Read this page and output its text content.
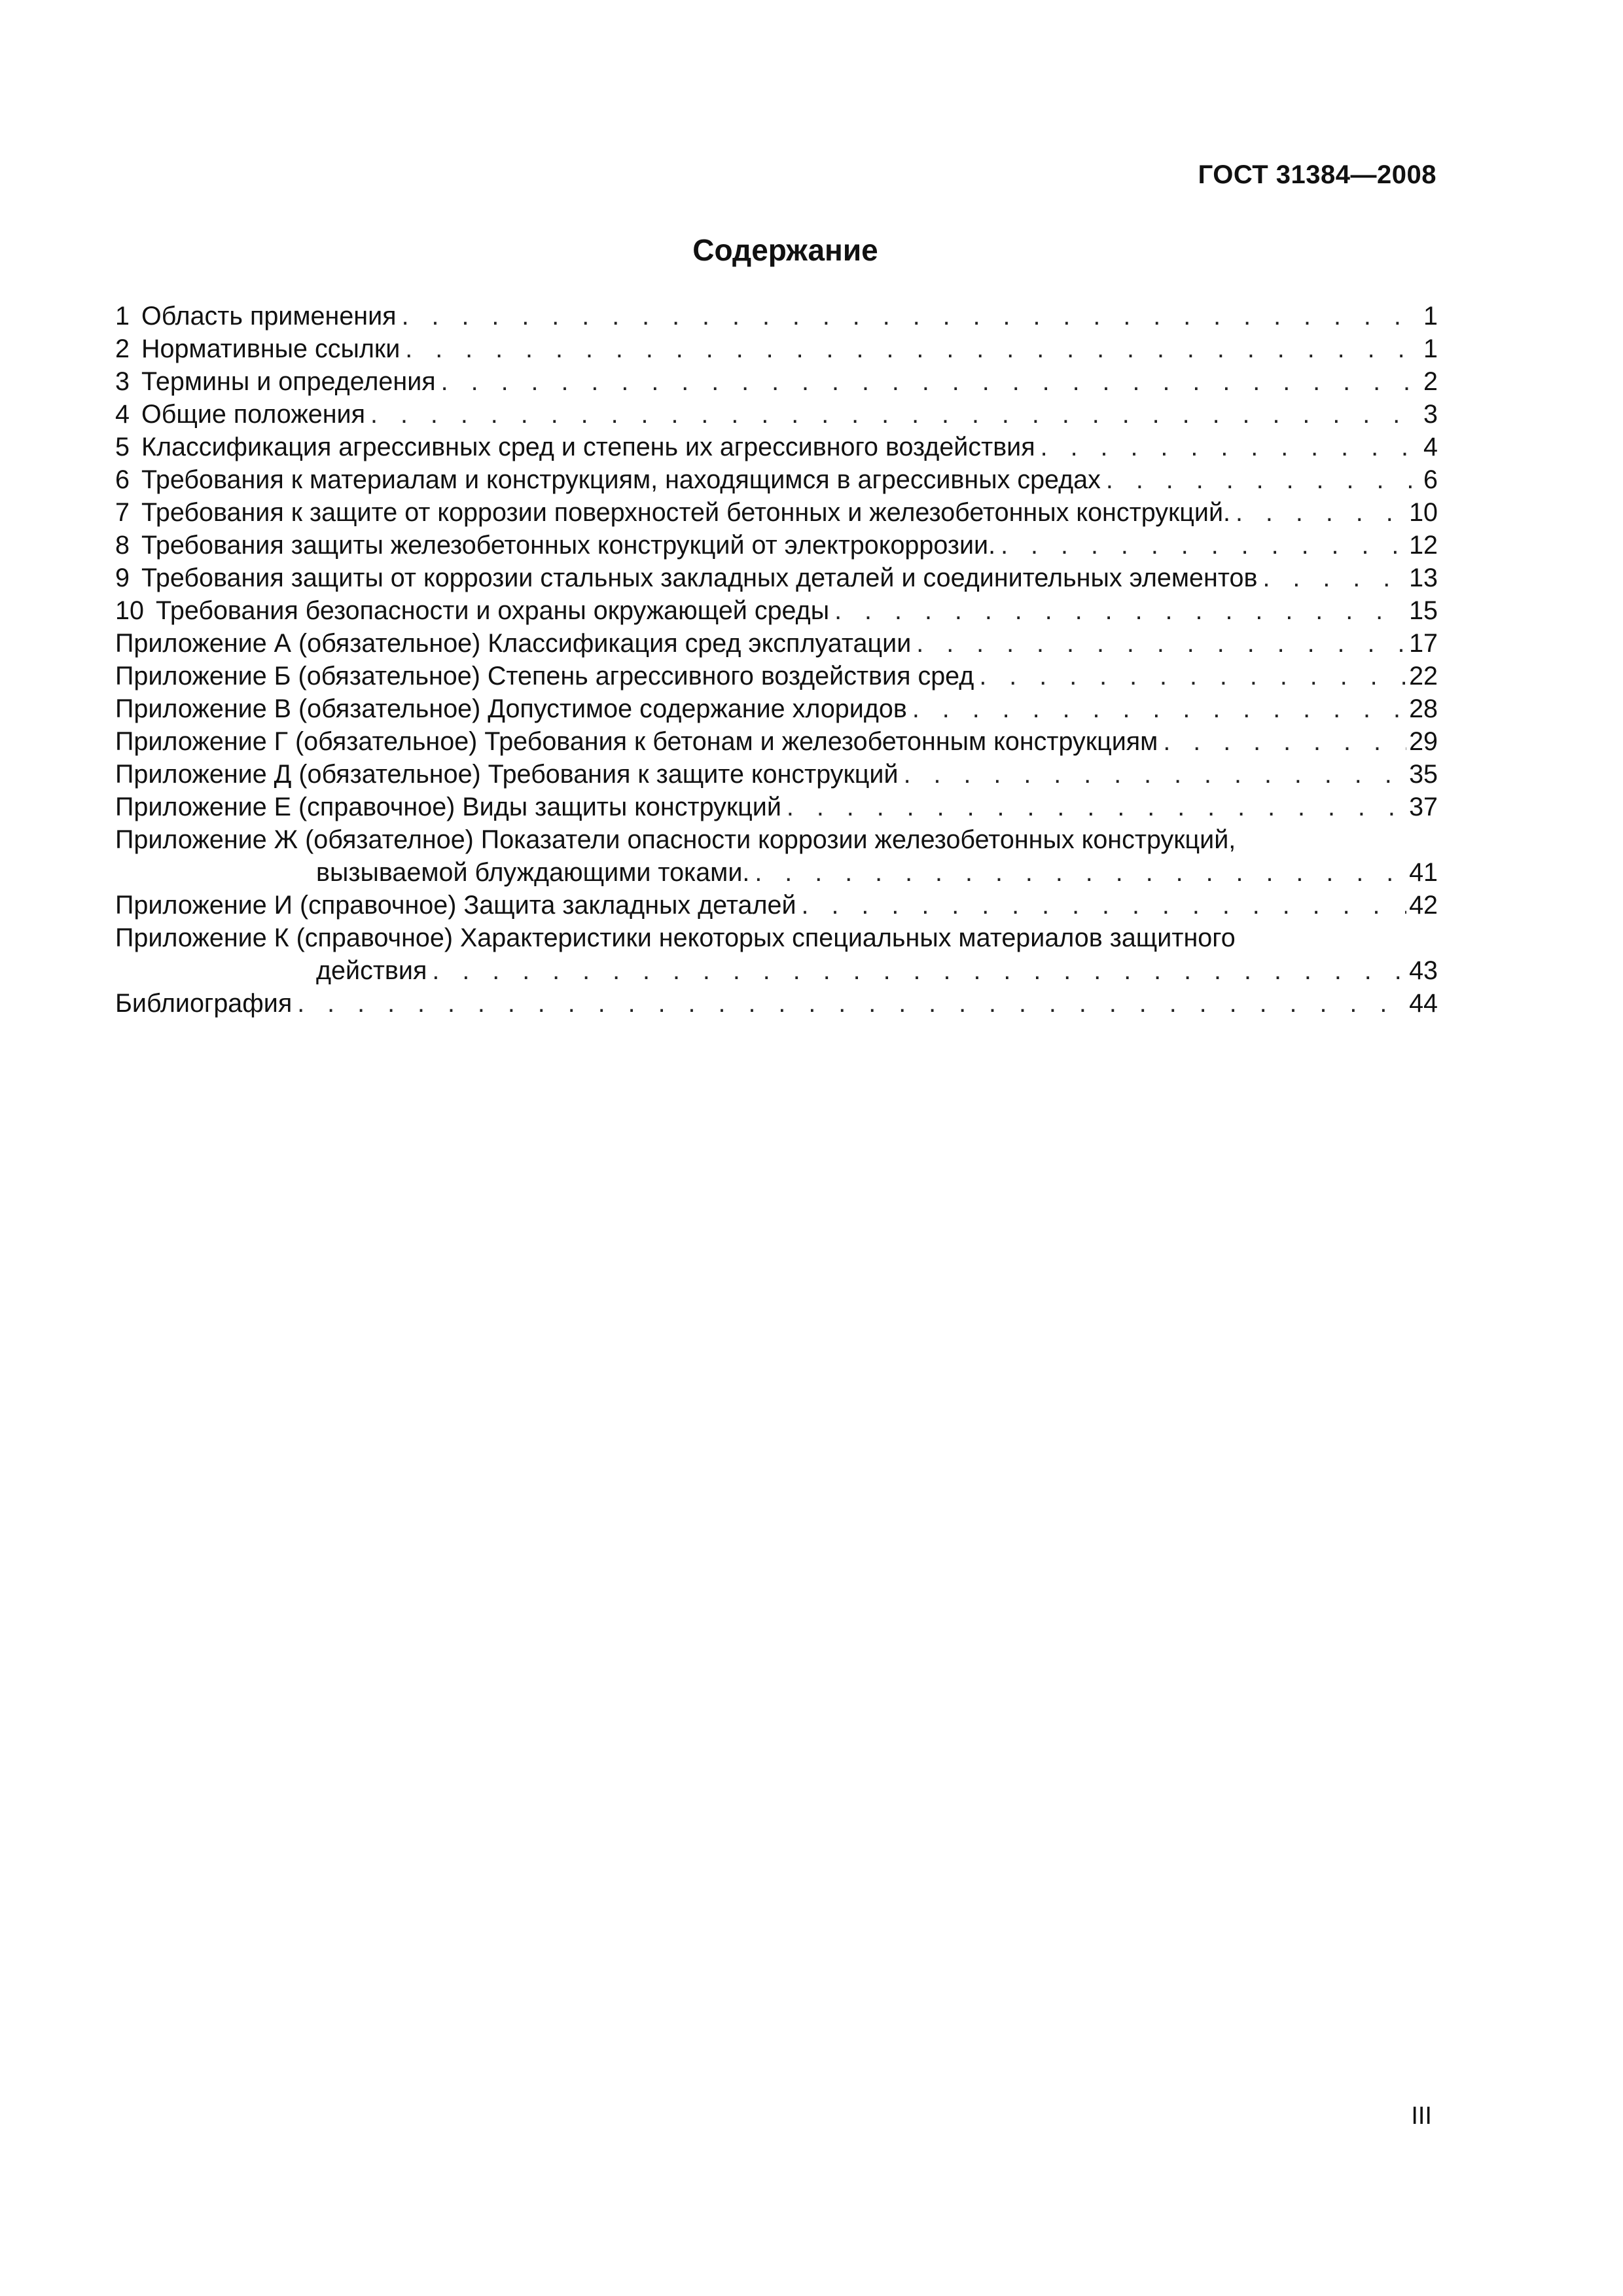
ГОСТ 31384—2008
Содержание
1 Область применения . . .	1
2 Нормативные ссылки . . .	1
3 Термины и определения . . .	2
4 Общие положения . . .	3
5 Классификация агрессивных сред и степень их агрессивного воздействия . . .	4
6 Требования к материалам и конструкциям, находящимся в агрессивных средах . . .	6
7 Требования к защите от коррозии поверхностей бетонных и железобетонных конструкций. . . .	10
8 Требования защиты железобетонных конструкций от электрокоррозии. . . .	12
9 Требования защиты от коррозии стальных закладных деталей и соединительных элементов . . .	13
10 Требования безопасности и охраны окружающей среды . . .	15
Приложение А (обязательное) Классификация сред эксплуатации . . .	17
Приложение Б (обязательное) Степень агрессивного воздействия сред . . .	22
Приложение В (обязательное) Допустимое содержание хлоридов . . .	28
Приложение Г (обязательное) Требования к бетонам и железобетонным конструкциям . . .	29
Приложение Д (обязательное) Требования к защите конструкций . . .	35
Приложение Е (справочное) Виды защиты конструкций . . .	37
Приложение Ж (обязателное) Показатели опасности коррозии железобетонных конструкций,
вызываемой блуждающими токами. . . .	41
Приложение И (справочное) Защита закладных деталей . . .	42
Приложение К (справочное) Характеристики некоторых специальных материалов защитного
действия . . .	43
Библиография . . .	44
III
